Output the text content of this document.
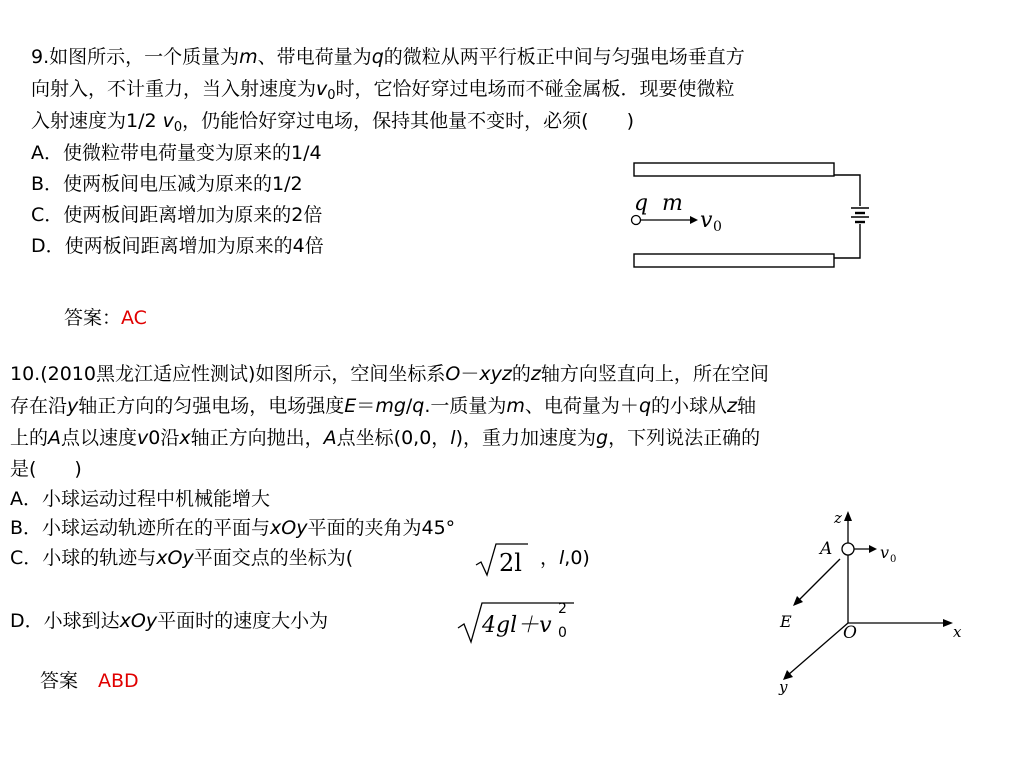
9.如图所示，一个质量为m、带电荷量为q的微粒从两平行板正中间与匀强电场垂直方
向射入，不计重力，当入射速度为$v_0$时，它恰好穿过电场而不碰金属板．现要使微粒
入射速度为1/2 $v_0$，仍能恰好穿过电场，保持其他量不变时，必须(　　)
A．使微粒带电荷量变为原来的1/4
B．使两板间电压减为原来的1/2
C．使两板间距离增加为原来的2倍
D．使两板间距离增加为原来的4倍
答案：AC
q m
v 0
10.(2010黑龙江适应性测试)如图所示，空间坐标系O－xyz的z轴方向竖直向上，所在空间
存在沿y轴正方向的匀强电场，电场强度E＝mg/q.一质量为m、电荷量为＋q的小球从z轴
上的A点以速度v0沿x轴正方向抛出，A点坐标(0,0，l)，重力加速度为g，下列说法正确的
是(　　)
A．小球运动过程中机械能增大
B．小球运动轨迹所在的平面与xOy平面的夹角为45°
C．小球的轨迹与xOy平面交点的坐标为(	2l ，l,0)
D．小球到达xOy平面时的速度大小为	4gl＋v
2
0
答案 ABD
z
A	v 0
E
O	x
y
